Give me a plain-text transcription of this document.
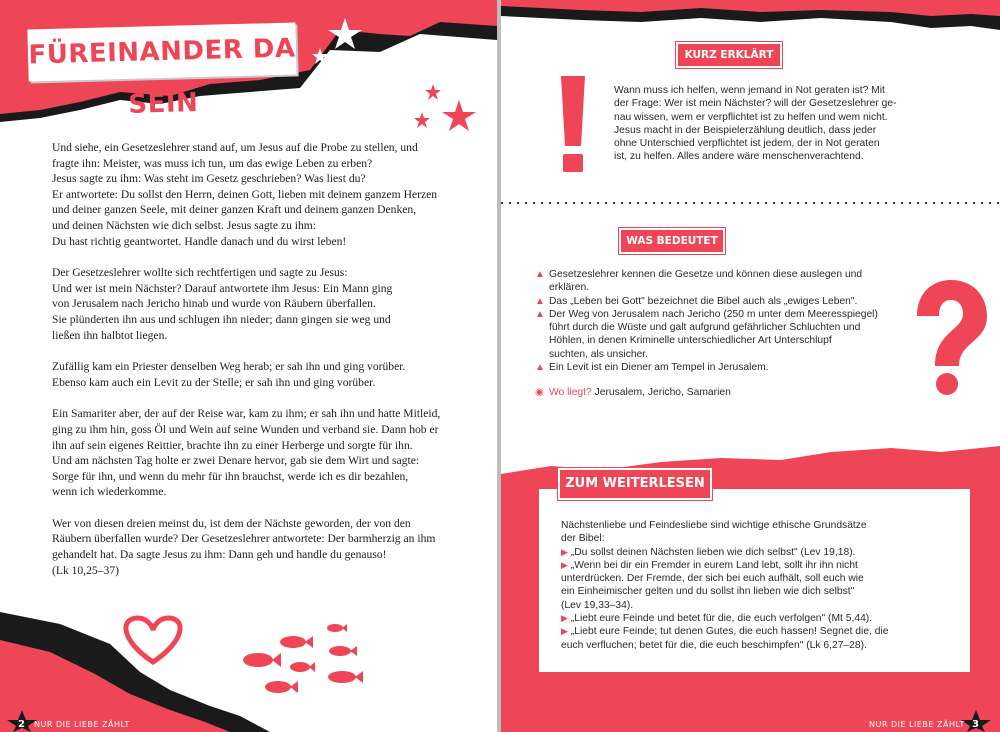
FÜREINANDER DA SEIN

Und siehe, ein Gesetzeslehrer stand auf, um Jesus auf die Probe zu stellen, und
fragte ihn: Meister, was muss ich tun, um das ewige Leben zu erben?
Jesus sagte zu ihm: Was steht im Gesetz geschrieben? Was liest du?
Er antwortete: Du sollst den Herrn, deinen Gott, lieben mit deinem ganzem Herzen
und deiner ganzen Seele, mit deiner ganzen Kraft und deinem ganzen Denken,
und deinen Nächsten wie dich selbst. Jesus sagte zu ihm:
Du hast richtig geantwortet. Handle danach und du wirst leben!

Der Gesetzeslehrer wollte sich rechtfertigen und sagte zu Jesus:
Und wer ist mein Nächster? Darauf antwortete ihm Jesus: Ein Mann ging
von Jerusalem nach Jericho hinab und wurde von Räubern überfallen.
Sie plünderten ihn aus und schlugen ihn nieder; dann gingen sie weg und
ließen ihn halbtot liegen.

Zufällig kam ein Priester denselben Weg herab; er sah ihn und ging vorüber.
Ebenso kam auch ein Levit zu der Stelle; er sah ihn und ging vorüber.

Ein Samariter aber, der auf der Reise war, kam zu ihm; er sah ihn und hatte Mitleid,
ging zu ihm hin, goss Öl und Wein auf seine Wunden und verband sie. Dann hob er
ihn auf sein eigenes Reittier, brachte ihn zu einer Herberge und sorgte für ihn.
Und am nächsten Tag holte er zwei Denare hervor, gab sie dem Wirt und sagte:
Sorge für ihn, und wenn du mehr für ihn brauchst, werde ich es dir bezahlen,
wenn ich wiederkomme.

Wer von diesen dreien meinst du, ist dem der Nächste geworden, der von den
Räubern überfallen wurde? Der Gesetzeslehrer antwortete: Der barmherzig an ihm
gehandelt hat. Da sagte Jesus zu ihm: Dann geh und handle du genauso!
(Lk 10,25–37)

2 NUR DIE LIEBE ZÄHLT
KURZ ERKLÄRT
Wann muss ich helfen, wenn jemand in Not geraten ist? Mit
der Frage: Wer ist mein Nächster? will der Gesetzeslehrer ge-
nau wissen, wem er verpflichtet ist zu helfen und wem nicht.
Jesus macht in der Beispielerzählung deutlich, dass jeder
ohne Unterschied verpflichtet ist jedem, der in Not geraten
ist, zu helfen. Alles andere wäre menschenverachtend.
WAS BEDEUTET
▲ Gesetzeslehrer kennen die Gesetze und können diese auslegen und
erklären.
▲ Das „Leben bei Gott" bezeichnet die Bibel auch als „ewiges Leben".
▲ Der Weg von Jerusalem nach Jericho (250 m unter dem Meeresspiegel)
führt durch die Wüste und galt aufgrund gefährlicher Schluchten und
Höhlen, in denen Kriminelle unterschiedlicher Art Unterschlupf
suchten, als unsicher.
▲ Ein Levit ist ein Diener am Tempel in Jerusalem.
◉ Wo liegt? Jerusalem, Jericho, Samarien
ZUM WEITERLESEN
Nächstenliebe und Feindesliebe sind wichtige ethische Grundsätze
der Bibel:
▶ „Du sollst deinen Nächsten lieben wie dich selbst" (Lev 19,18).
▶ „Wenn bei dir ein Fremder in eurem Land lebt, sollt ihr ihn nicht
unterdrücken. Der Fremde, der sich bei euch aufhält, soll euch wie
ein Einheimischer gelten und du sollst ihn lieben wie dich selbst"
(Lev 19,33–34).
▶ „Liebt eure Feinde und betet für die, die euch verfolgen" (Mt 5,44).
▶ „Liebt eure Feinde; tut denen Gutes, die euch hassen! Segnet die, die
euch verfluchen; betet für die, die euch beschimpfen" (Lk 6,27–28).
NUR DIE LIEBE ZÄHLT 3
